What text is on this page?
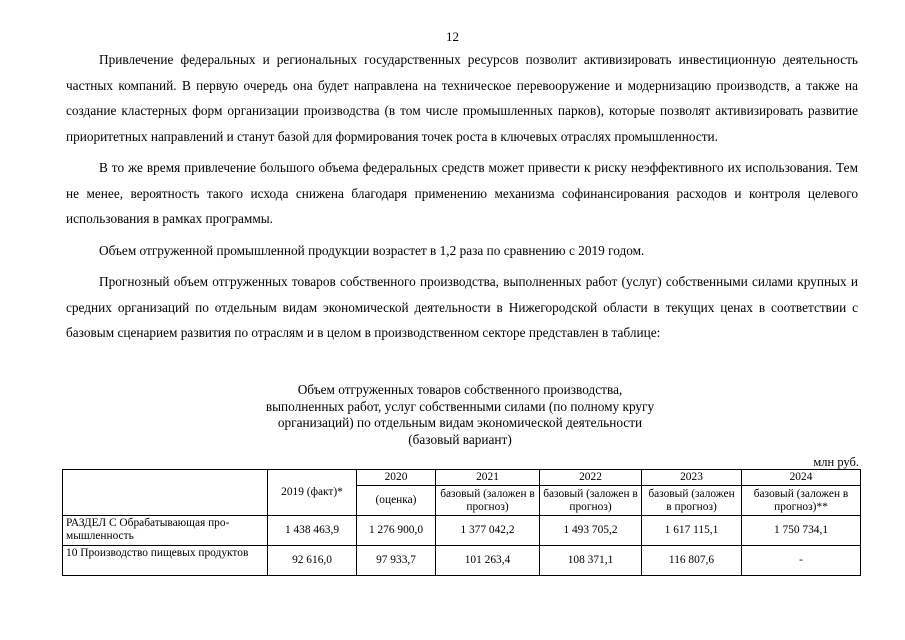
12

Привлечение федеральных и региональных государственных ресурсов позволит активизировать инвестиционную деятельность частных компаний. В первую очередь она будет направлена на техническое перевооружение и модернизацию производств, а также на создание кластерных форм организации производства (в том числе промышленных парков), которые позволят активизировать развитие приоритетных направлений и станут базой для формирования точек роста в ключевых отраслях промышленности.

В то же время привлечение большого объема федеральных средств может привести к риску неэффективного их использования. Тем не менее, вероятность такого исхода снижена благодаря применению механизма софинансирования расходов и контроля целевого использования в рамках программы.

Объем отгруженной промышленной продукции возрастет в 1,2 раза по сравнению с 2019 годом.

Прогнозный объем отгруженных товаров собственного производства, выполненных работ (услуг) собственными силами крупных и средних организаций по отдельным видам экономической деятельности в Нижегородской области в текущих ценах в соответствии с базовым сценарием развития по отраслям и в целом в производственном секторе представлен в таблице:

Объем отгруженных товаров собственного производства,
выполненных работ, услуг собственными силами (по полному кругу
организаций) по отдельным видам экономической деятельности
(базовый вариант)
млн руб.
	2019 (факт)*	2020	2021	2022	2023	2024
		(оценка)	базовый (заложен в прогноз)	базовый (заложен в прогноз)	базовый (заложен в прогноз)	базовый (заложен в прогноз)**
РАЗДЕЛ C Обрабатывающая промышленность	1 438 463,9	1 276 900,0	1 377 042,2	1 493 705,2	1 617 115,1	1 750 734,1
10 Производство пищевых продуктов	92 616,0	97 933,7	101 263,4	108 371,1	116 807,6	-
